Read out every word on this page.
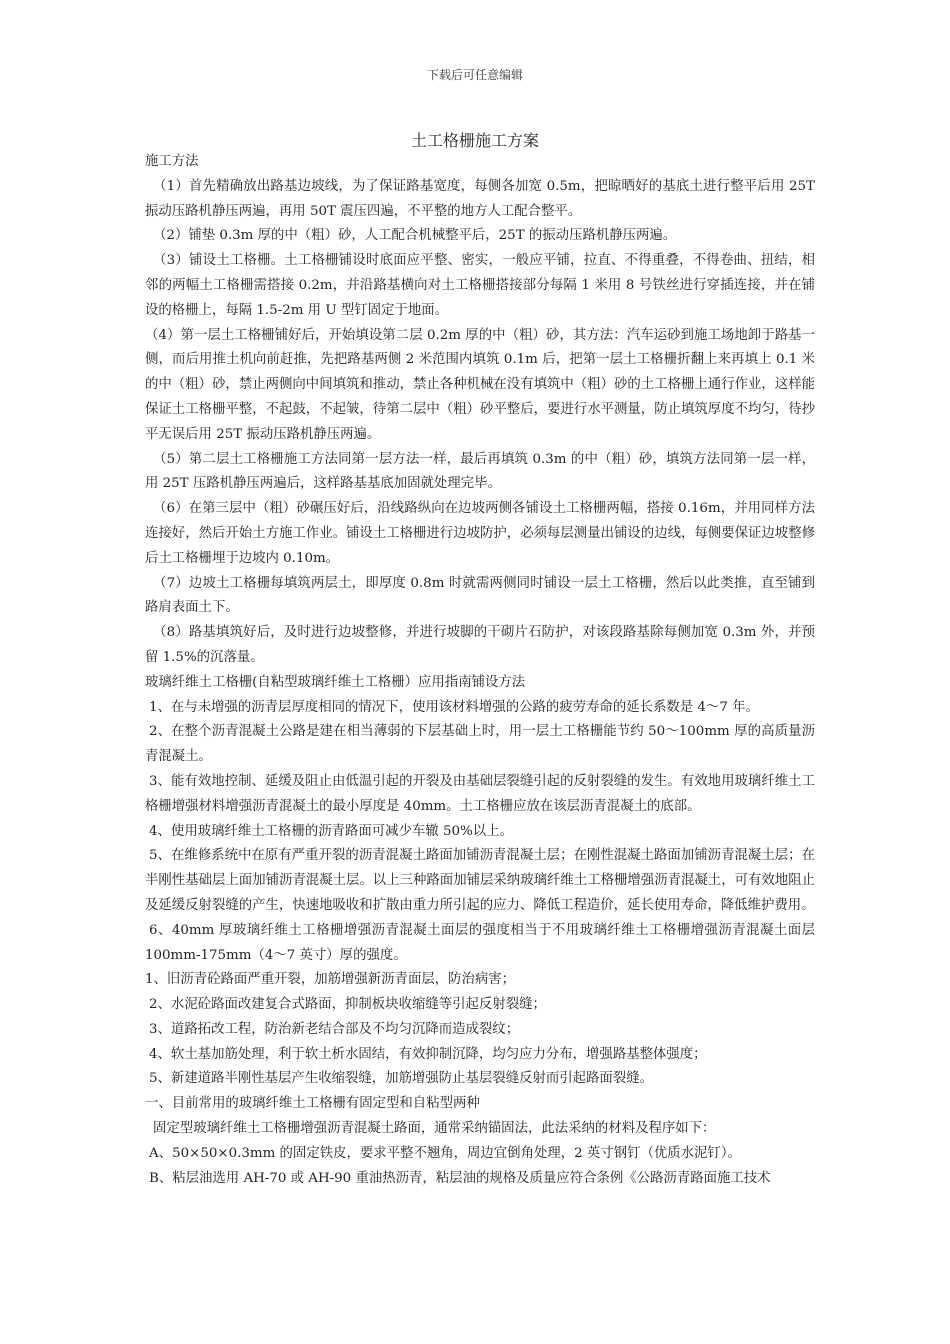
下载后可任意编辑
土工格栅施工方案

施工方法

（1）首先精确放出路基边坡线，为了保证路基宽度，每侧各加宽 0.5m，把晾晒好的基底土进行整平后用 25T 振动压路机静压两遍，再用 50T 震压四遍，不平整的地方人工配合整平。

（2）铺垫 0.3m 厚的中（粗）砂，人工配合机械整平后，25T 的振动压路机静压两遍。

（3）铺设土工格栅。土工格栅铺设时底面应平整、密实，一般应平铺，拉直、不得重叠，不得卷曲、扭结，相邻的两幅土工格栅需搭接 0.2m，并沿路基横向对土工格栅搭接部分每隔 1 米用 8 号铁丝进行穿插连接，并在铺设的格栅上，每隔 1.5-2m 用 U 型钉固定于地面。

（4）第一层土工格栅铺好后，开始填设第二层 0.2m 厚的中（粗）砂，其方法：汽车运砂到施工场地卸于路基一侧，而后用推土机向前赶推，先把路基两侧 2 米范围内填筑 0.1m 后，把第一层土工格栅折翻上来再填上 0.1 米的中（粗）砂，禁止两侧向中间填筑和推动，禁止各种机械在没有填筑中（粗）砂的土工格栅上通行作业，这样能保证土工格栅平整，不起鼓，不起皱，待第二层中（粗）砂平整后，要进行水平测量，防止填筑厚度不均匀，待抄平无误后用 25T 振动压路机静压两遍。

（5）第二层土工格栅施工方法同第一层方法一样，最后再填筑 0.3m 的中（粗）砂，填筑方法同第一层一样，用 25T 压路机静压两遍后，这样路基基底加固就处理完毕。

（6）在第三层中（粗）砂碾压好后，沿线路纵向在边坡两侧各铺设土工格栅两幅，搭接 0.16m，并用同样方法连接好，然后开始土方施工作业。铺设土工格栅进行边坡防护，必须每层测量出铺设的边线，每侧要保证边坡整修后土工格栅埋于边坡内 0.10m。

（7）边坡土工格栅每填筑两层土，即厚度 0.8m 时就需两侧同时铺设一层土工格栅，然后以此类推，直至铺到路肩表面土下。

（8）路基填筑好后，及时进行边坡整修，并进行坡脚的干砌片石防护，对该段路基除每侧加宽 0.3m 外，并预留 1.5%的沉落量。

玻璃纤维土工格栅(自粘型玻璃纤维土工格栅）应用指南铺设方法

1、在与未增强的沥青层厚度相同的情况下，使用该材料增强的公路的疲劳寿命的延长系数是 4～7 年。

2、在整个沥青混凝土公路是建在相当薄弱的下层基础上时，用一层土工格栅能节约 50～100mm 厚的高质量沥青混凝土。

3、能有效地控制、延缓及阻止由低温引起的开裂及由基础层裂缝引起的反射裂缝的发生。有效地用玻璃纤维土工格栅增强材料增强沥青混凝土的最小厚度是 40mm。土工格栅应放在该层沥青混凝土的底部。

4、使用玻璃纤维土工格栅的沥青路面可减少车辙 50%以上。

5、在维修系统中在原有严重开裂的沥青混凝土路面加铺沥青混凝土层；在刚性混凝土路面加铺沥青混凝土层；在半刚性基础层上面加铺沥青混凝土层。以上三种路面加铺层采纳玻璃纤维土工格栅增强沥青混凝土，可有效地阻止及延缓反射裂缝的产生，快速地吸收和扩散由重力所引起的应力、降低工程造价，延长使用寿命，降低维护费用。

6、40mm 厚玻璃纤维土工格栅增强沥青混凝土面层的强度相当于不用玻璃纤维土工格栅增强沥青混凝土面层 100mm-175mm（4～7 英寸）厚的强度。

1、旧沥青砼路面严重开裂，加筋增强新沥青面层，防治病害；

2、水泥砼路面改建复合式路面，抑制板块收缩缝等引起反射裂缝；

3、道路拓改工程，防治新老结合部及不均匀沉降而造成裂纹；

4、软土基加筋处理，利于软土析水固结，有效抑制沉降，均匀应力分布，增强路基整体强度；

5、新建道路半刚性基层产生收缩裂缝，加筋增强防止基层裂缝反射而引起路面裂缝。

一、目前常用的玻璃纤维土工格栅有固定型和自粘型两种

固定型玻璃纤维土工格栅增强沥青混凝土路面，通常采纳锚固法，此法采纳的材料及程序如下：

A、50×50×0.3mm 的固定铁皮，要求平整不翘角，周边宜倒角处理，2 英寸钢钉（优质水泥钉）。

B、粘层油选用 AH-70 或 AH-90 重油热沥青，粘层油的规格及质量应符合条例《公路沥青路面施工技术
